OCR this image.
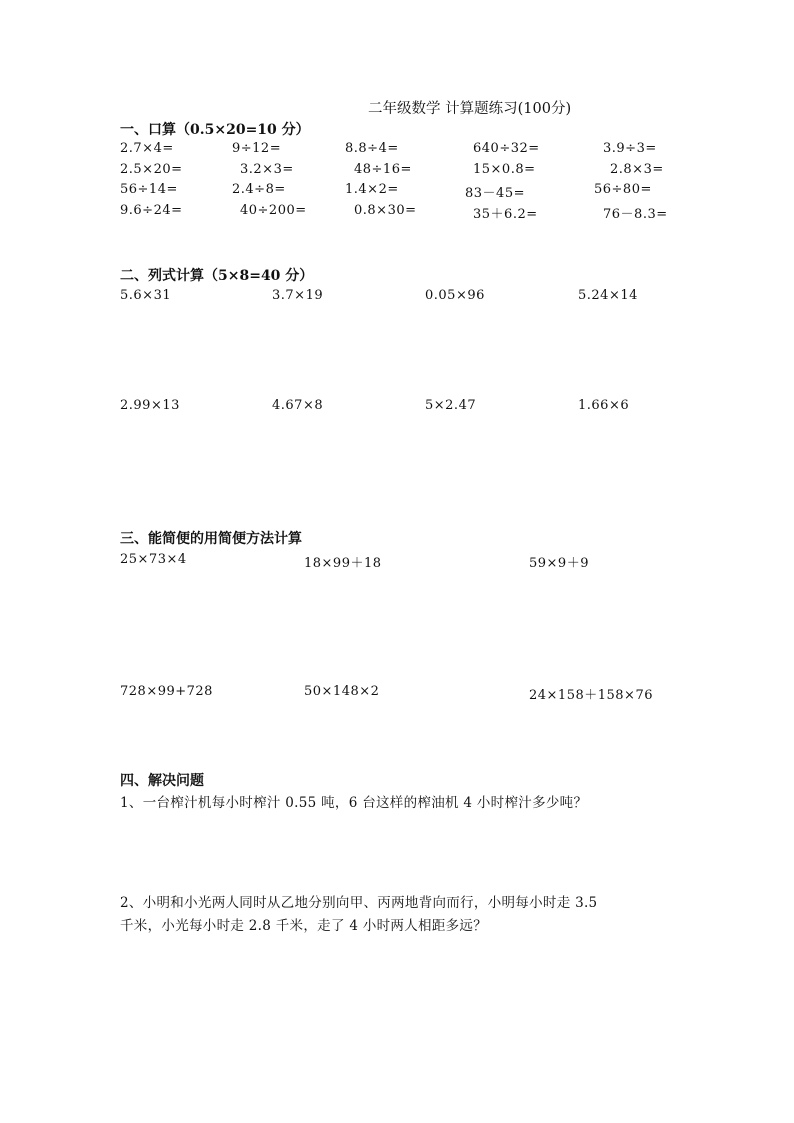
二年级数学 计算题练习(100分)
一、口算（0.5×20=10 分）
2.7×4=	9÷12=	8.8÷4=	640÷32=	3.9÷3=
2.5×20=	3.2×3=	48÷16=	15×0.8=	2.8×3=
56÷14=	2.4÷8=	1.4×2=	83－45=	56÷80=
9.6÷24=	40÷200=	0.8×30=	35＋6.2=	76－8.3=
二、列式计算（5×8=40 分）
5.6×31	3.7×19	0.05×96	5.24×14
2.99×13	4.67×8	5×2.47	1.66×6
三、能简便的用简便方法计算
25×73×4	18×99＋18	59×9＋9
728×99+728	50×148×2	24×158＋158×76
四、解决问题
1、一台榨汁机每小时榨汁 0.55 吨，6 台这样的榨油机 4 小时榨汁多少吨？
2、小明和小光两人同时从乙地分别向甲、丙两地背向而行，小明每小时走 3.5
千米，小光每小时走 2.8 千米，走了 4 小时两人相距多远？
